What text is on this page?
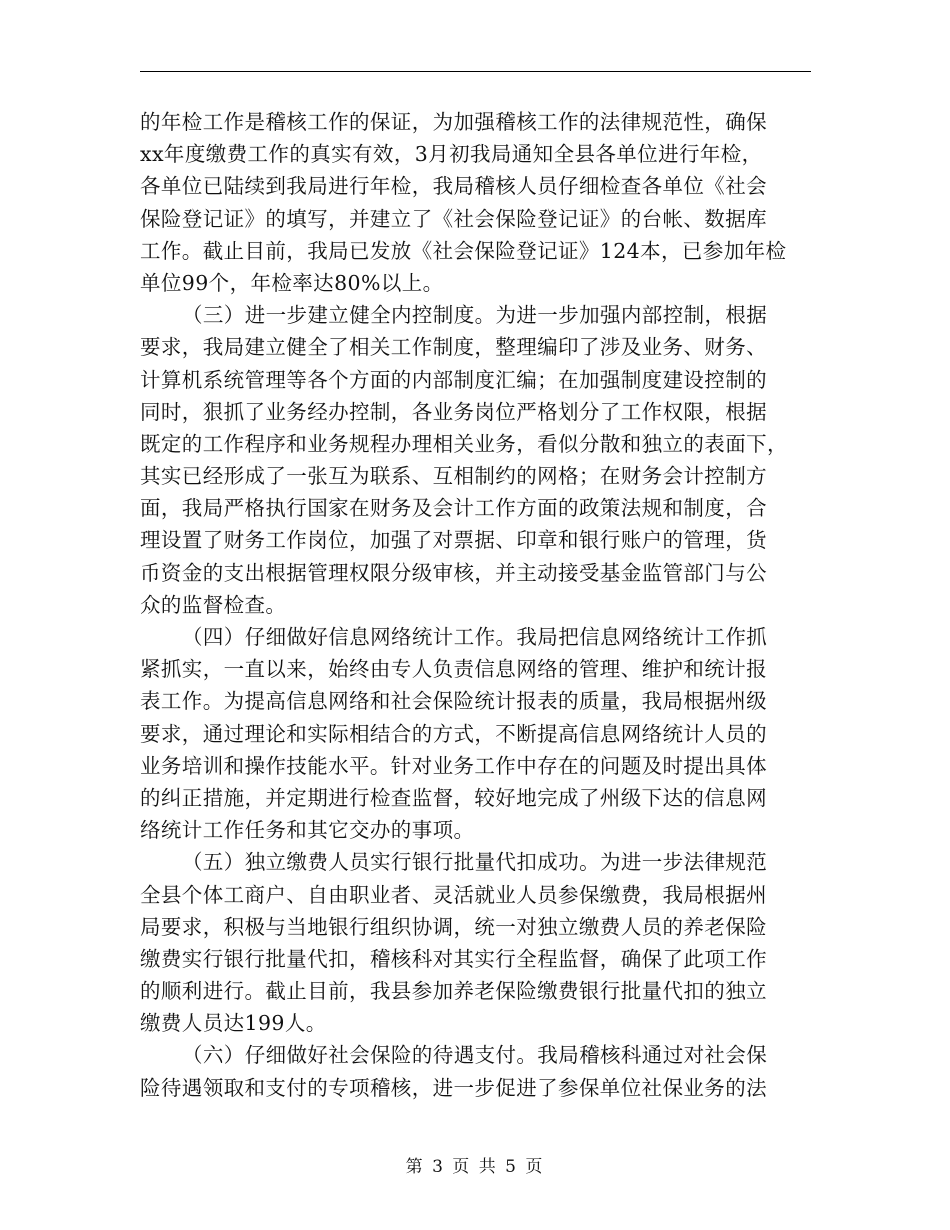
的年检工作是稽核工作的保证，为加强稽核工作的法律规范性，确保
xx年度缴费工作的真实有效，3月初我局通知全县各单位进行年检，
各单位已陆续到我局进行年检，我局稽核人员仔细检查各单位《社会
保险登记证》的填写，并建立了《社会保险登记证》的台帐、数据库
工作。截止目前，我局已发放《社会保险登记证》124本，已参加年检
单位99个，年检率达80%以上。
（三）进一步建立健全内控制度。为进一步加强内部控制，根据
要求，我局建立健全了相关工作制度，整理编印了涉及业务、财务、
计算机系统管理等各个方面的内部制度汇编；在加强制度建设控制的
同时，狠抓了业务经办控制，各业务岗位严格划分了工作权限，根据
既定的工作程序和业务规程办理相关业务，看似分散和独立的表面下，
其实已经形成了一张互为联系、互相制约的网格；在财务会计控制方
面，我局严格执行国家在财务及会计工作方面的政策法规和制度，合
理设置了财务工作岗位，加强了对票据、印章和银行账户的管理，货
币资金的支出根据管理权限分级审核，并主动接受基金监管部门与公
众的监督检查。
（四）仔细做好信息网络统计工作。我局把信息网络统计工作抓
紧抓实，一直以来，始终由专人负责信息网络的管理、维护和统计报
表工作。为提高信息网络和社会保险统计报表的质量，我局根据州级
要求，通过理论和实际相结合的方式，不断提高信息网络统计人员的
业务培训和操作技能水平。针对业务工作中存在的问题及时提出具体
的纠正措施，并定期进行检查监督，较好地完成了州级下达的信息网
络统计工作任务和其它交办的事项。
（五）独立缴费人员实行银行批量代扣成功。为进一步法律规范
全县个体工商户、自由职业者、灵活就业人员参保缴费，我局根据州
局要求，积极与当地银行组织协调，统一对独立缴费人员的养老保险
缴费实行银行批量代扣，稽核科对其实行全程监督，确保了此项工作
的顺利进行。截止目前，我县参加养老保险缴费银行批量代扣的独立
缴费人员达199人。
（六）仔细做好社会保险的待遇支付。我局稽核科通过对社会保
险待遇领取和支付的专项稽核，进一步促进了参保单位社保业务的法
第 3 页 共 5 页
